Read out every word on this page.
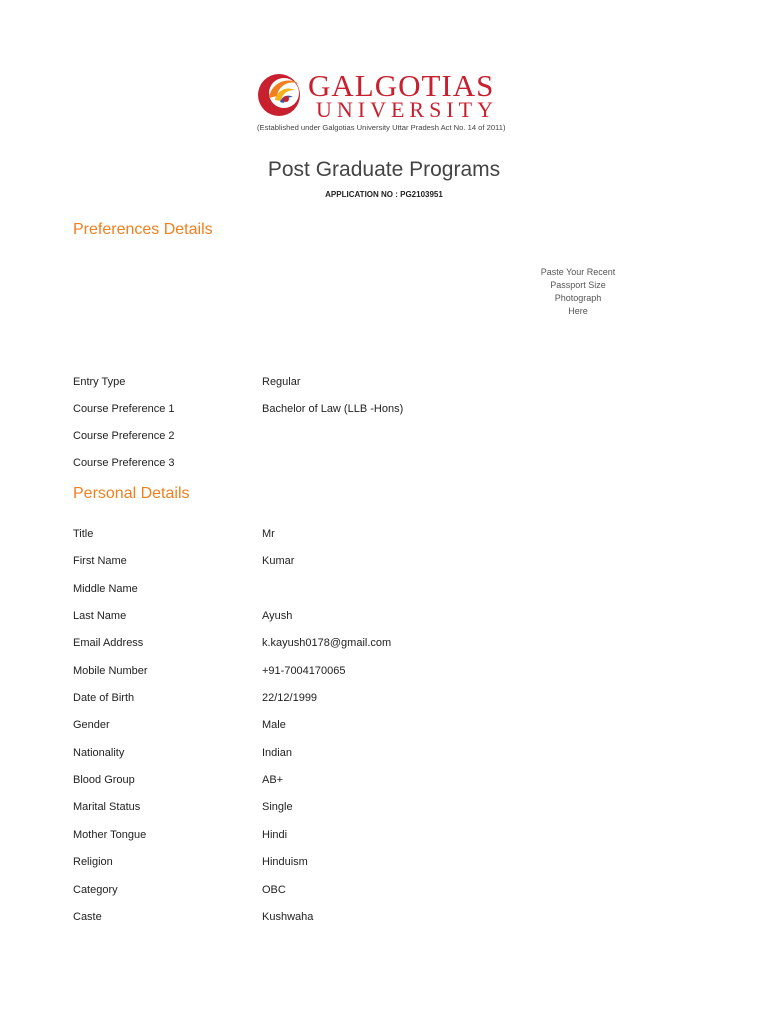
GALGOTIAS
UNIVERSITY
(Established under Galgotias University Uttar Pradesh Act No. 14 of 2011)
Post Graduate Programs
APPLICATION NO : PG2103951
Preferences Details
Paste Your Recent
Passport Size
Photograph
Here
Entry Type	Regular
Course Preference 1	Bachelor of Law (LLB -Hons)
Course Preference 2
Course Preference 3
Personal Details
Title	Mr
First Name	Kumar
Middle Name
Last Name	Ayush
Email Address	k.kayush0178@gmail.com
Mobile Number	+91-7004170065
Date of Birth	22/12/1999
Gender	Male
Nationality	Indian
Blood Group	AB+
Marital Status	Single
Mother Tongue	Hindi
Religion	Hinduism
Category	OBC
Caste	Kushwaha
